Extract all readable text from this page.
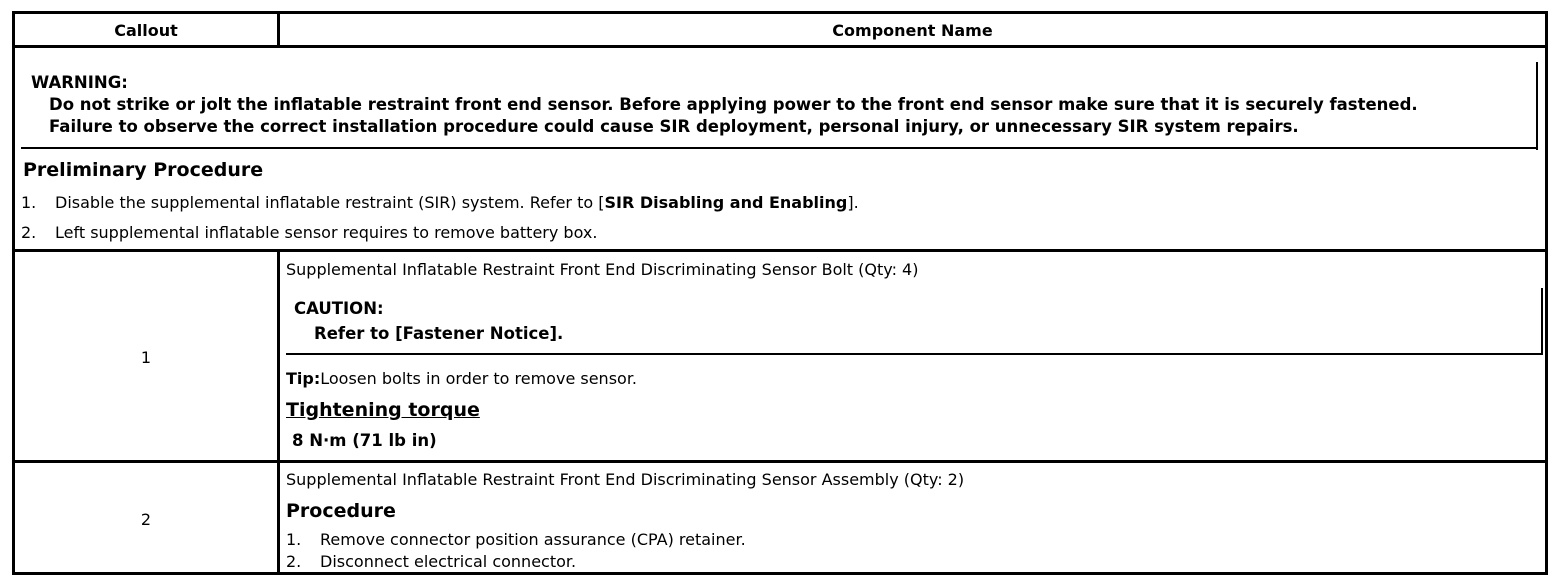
Callout	Component Name
WARNING:
Do not strike or jolt the inflatable restraint front end sensor. Before applying power to the front end sensor make sure that it is securely fastened.
Failure to observe the correct installation procedure could cause SIR deployment, personal injury, or unnecessary SIR system repairs.
Preliminary Procedure
1. Disable the supplemental inflatable restraint (SIR) system. Refer to [SIR Disabling and Enabling].
2. Left supplemental inflatable sensor requires to remove battery box.
1
Supplemental Inflatable Restraint Front End Discriminating Sensor Bolt (Qty: 4)
CAUTION:
Refer to [Fastener Notice].
Tip:Loosen bolts in order to remove sensor.
Tightening torque
8 N·m (71 lb in)
2
Supplemental Inflatable Restraint Front End Discriminating Sensor Assembly (Qty: 2)
Procedure
1. Remove connector position assurance (CPA) retainer.
2. Disconnect electrical connector.
